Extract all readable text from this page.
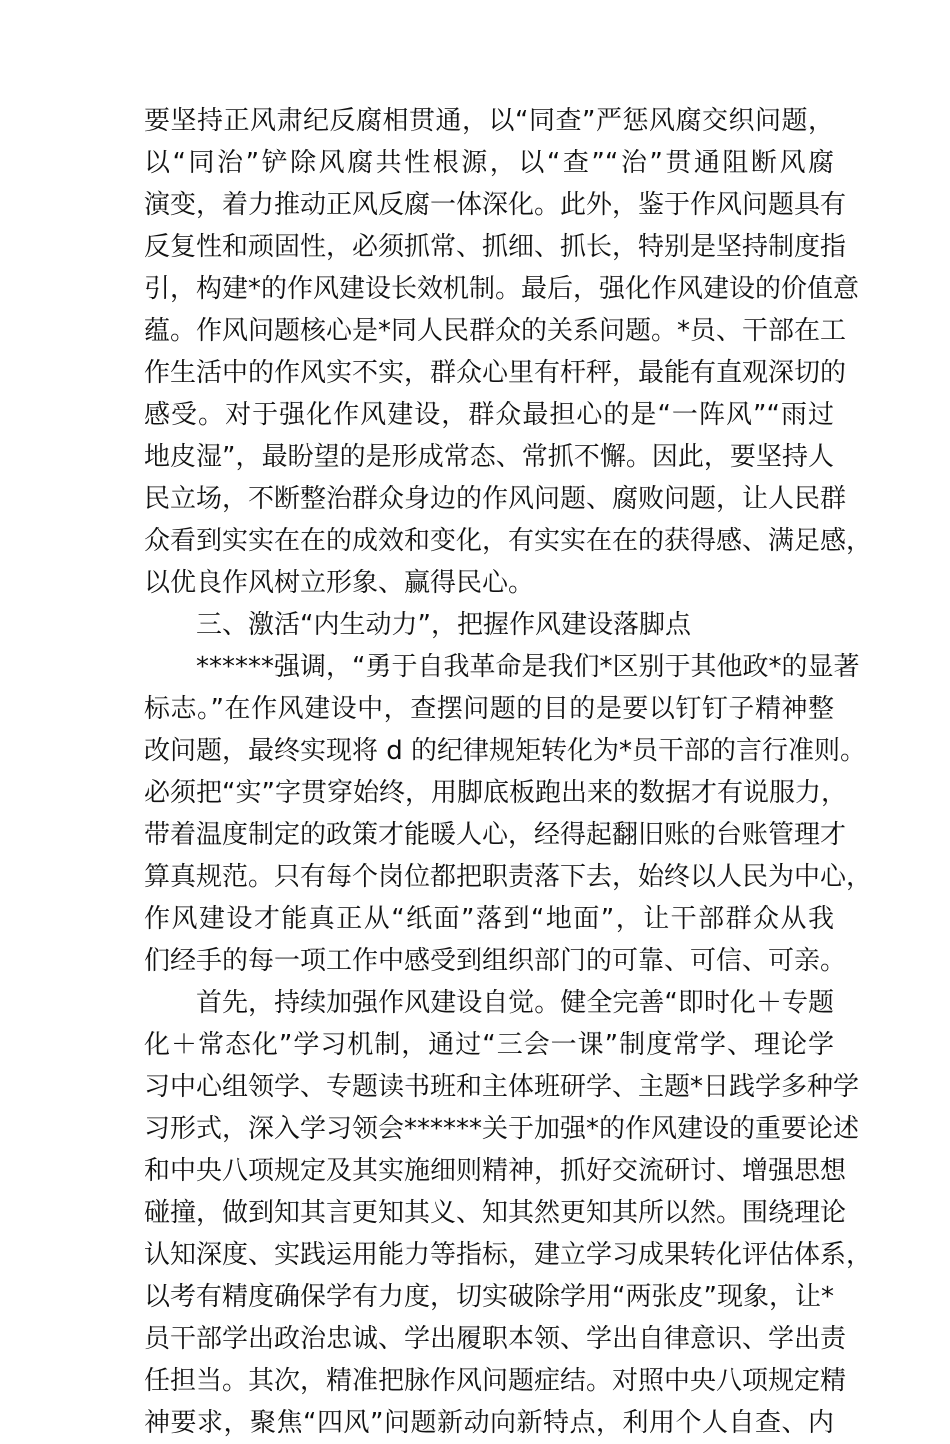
要坚持正风肃纪反腐相贯通，以“同查”严惩风腐交织问题，
以“同治”铲除风腐共性根源，以“查”“治”贯通阻断风腐
演变，着力推动正风反腐一体深化。此外，鉴于作风问题具有
反复性和顽固性，必须抓常、抓细、抓长，特别是坚持制度指
引，构建*的作风建设长效机制。最后，强化作风建设的价值意
蕴。作风问题核心是*同人民群众的关系问题。*员、干部在工
作生活中的作风实不实，群众心里有杆秤，最能有直观深切的
感受。对于强化作风建设，群众最担心的是“一阵风”“雨过
地皮湿”，最盼望的是形成常态、常抓不懈。因此，要坚持人
民立场，不断整治群众身边的作风问题、腐败问题，让人民群
众看到实实在在的成效和变化，有实实在在的获得感、满足感，
以优良作风树立形象、赢得民心。
三、激活“内生动力”，把握作风建设落脚点
******强调，“勇于自我革命是我们*区别于其他政*的显著
标志。”在作风建设中，查摆问题的目的是要以钉钉子精神整
改问题，最终实现将 d 的纪律规矩转化为*员干部的言行准则。
必须把“实”字贯穿始终，用脚底板跑出来的数据才有说服力，
带着温度制定的政策才能暖人心，经得起翻旧账的台账管理才
算真规范。只有每个岗位都把职责落下去，始终以人民为中心，
作风建设才能真正从“纸面”落到“地面”，让干部群众从我
们经手的每一项工作中感受到组织部门的可靠、可信、可亲。
首先，持续加强作风建设自觉。健全完善“即时化＋专题
化＋常态化”学习机制，通过“三会一课”制度常学、理论学
习中心组领学、专题读书班和主体班研学、主题*日践学多种学
习形式，深入学习领会******关于加强*的作风建设的重要论述
和中央八项规定及其实施细则精神，抓好交流研讨、增强思想
碰撞，做到知其言更知其义、知其然更知其所以然。围绕理论
认知深度、实践运用能力等指标，建立学习成果转化评估体系，
以考有精度确保学有力度，切实破除学用“两张皮”现象，让*
员干部学出政治忠诚、学出履职本领、学出自律意识、学出责
任担当。其次，精准把脉作风问题症结。对照中央八项规定精
神要求，聚焦“四风”问题新动向新特点，利用个人自查、内
